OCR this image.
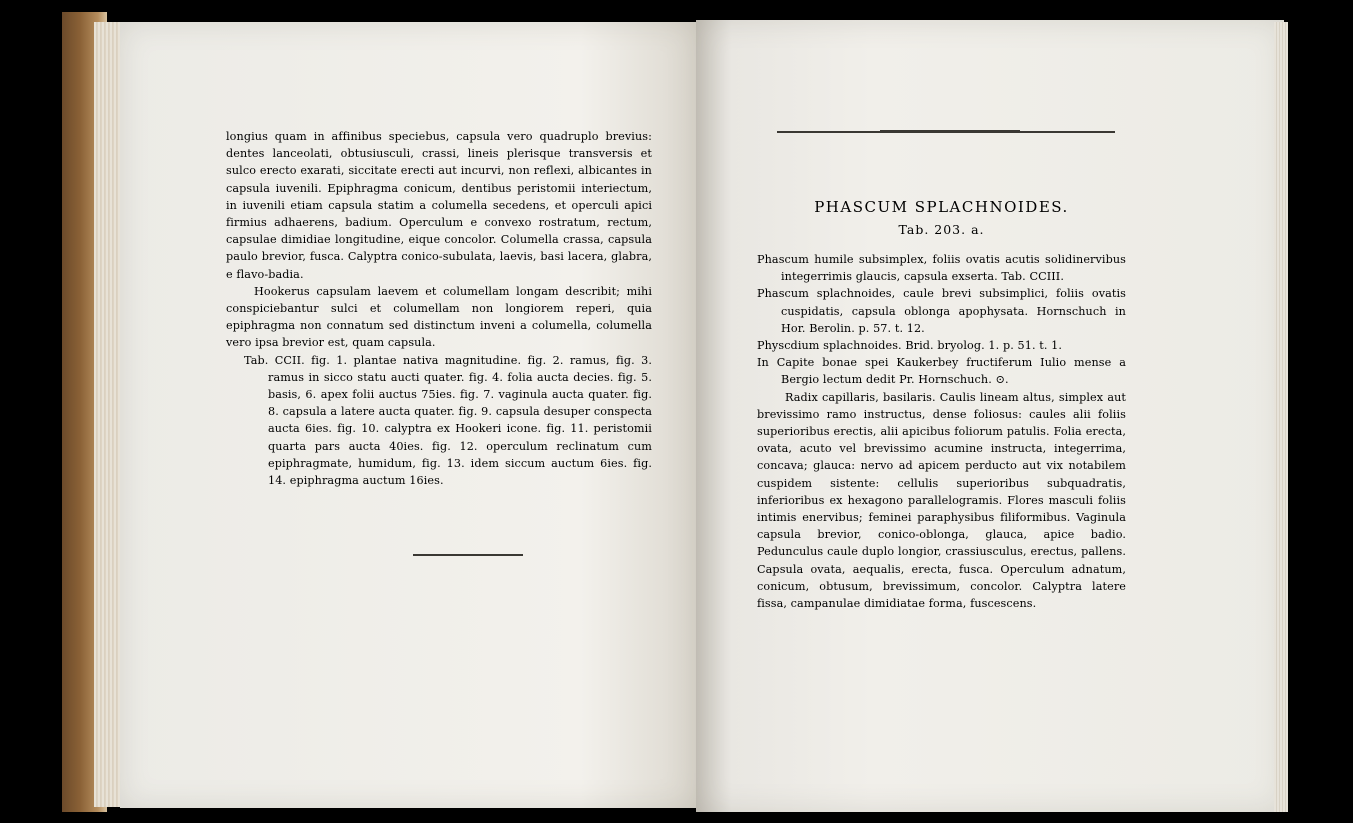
longius quam in affinibus speciebus, capsula vero quadruplo brevius: dentes lanceolati, obtusiusculi, crassi, lineis plerisque transversis et sulco erecto exarati, siccitate erecti aut incurvi, non reflexi, albicantes in capsula iuvenili. Epiphragma conicum, dentibus peristomii interiectum, in iuvenili etiam capsula statim a columella secedens, et operculi apici firmius adhaerens, badium. Operculum e convexo rostratum, rectum, capsulae dimidiae longitudine, eique concolor. Columella crassa, capsula paulo brevior, fusca. Calyptra conico-subulata, laevis, basi lacera, glabra, e flavo-badia.

Hookerus capsulam laevem et columellam longam describit; mihi conspiciebantur sulci et columellam non longiorem reperi, quia epiphragma non connatum sed distinctum inveni a columella, columella vero ipsa brevior est, quam capsula.

Tab. CCII. fig. 1. plantae nativa magnitudine. fig. 2. ramus, fig. 3. ramus in sicco statu aucti quater. fig. 4. folia aucta decies. fig. 5. basis, 6. apex folii auctus 75ies. fig. 7. vaginula aucta quater. fig. 8. capsula a latere aucta quater. fig. 9. capsula desuper conspecta aucta 6ies. fig. 10. calyptra ex Hookeri icone. fig. 11. peristomii quarta pars aucta 40ies. fig. 12. operculum reclinatum cum epiphragmate, humidum, fig. 13. idem siccum auctum 6ies. fig. 14. epiphragma auctum 16ies.

PHASCUM SPLACHNOIDES.
Tab. 203. a.

Phascum humile subsimplex, foliis ovatis acutis solidinervibus integerrimis glaucis, capsula exserta. Tab. CCIII.

Phascum splachnoides, caule brevi subsimplici, foliis ovatis cuspidatis, capsula oblonga apophysata. Hornschuch in Hor. Berolin. p. 57. t. 12.

Physcdium splachnoides. Brid. bryolog. 1. p. 51. t. 1.

In Capite bonae spei Kaukerbey fructiferum Iulio mense a Bergio lectum dedit Pr. Hornschuch. ⊙.

Radix capillaris, basilaris. Caulis lineam altus, simplex aut brevissimo ramo instructus, dense foliosus: caules alii foliis superioribus erectis, alii apicibus foliorum patulis. Folia erecta, ovata, acuto vel brevissimo acumine instructa, integerrima, concava; glauca: nervo ad apicem perducto aut vix notabilem cuspidem sistente: cellulis superioribus subquadratis, inferioribus ex hexagono parallelogramis. Flores masculi foliis intimis enervibus; feminei paraphysibus filiformibus. Vaginula capsula brevior, conico-oblonga, glauca, apice badio. Pedunculus caule duplo longior, crassiusculus, erectus, pallens. Capsula ovata, aequalis, erecta, fusca. Operculum adnatum, conicum, obtusum, brevissimum, concolor. Calyptra latere fissa, campanulae dimidiatae forma, fuscescens.
